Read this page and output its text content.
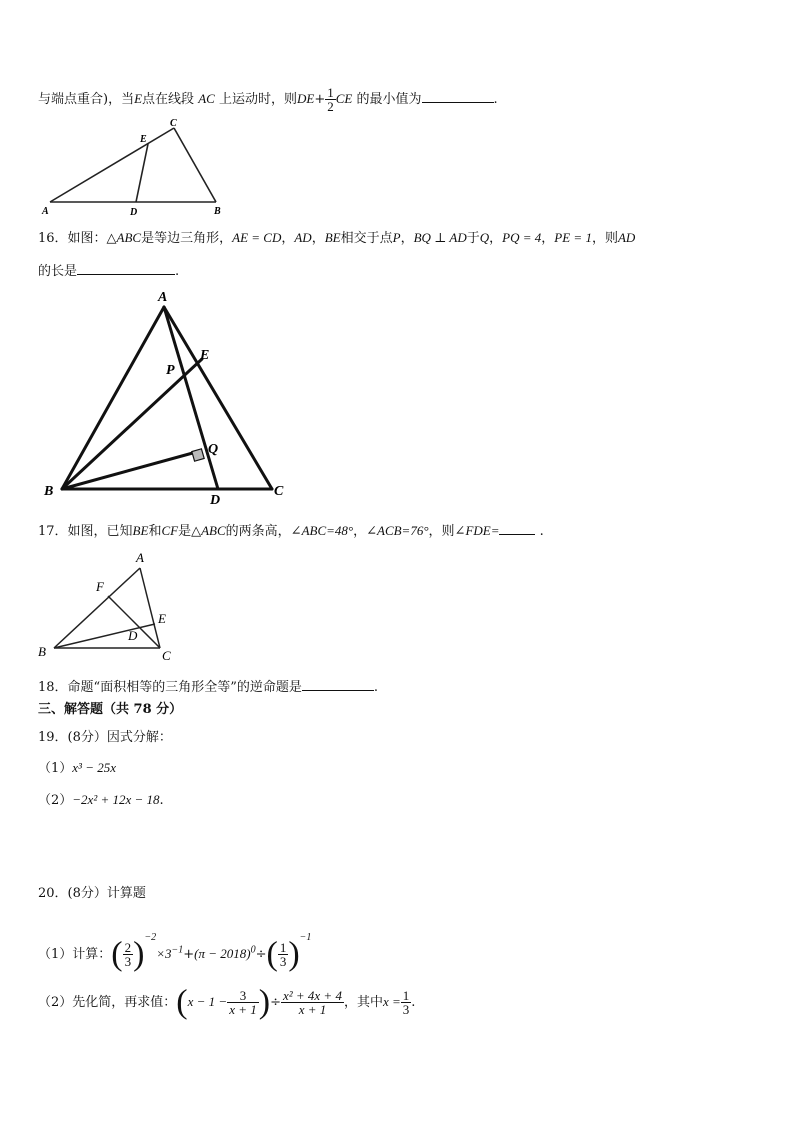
与端点重合)，当E点在线段 AC 上运动时，则$DE+ \frac{1}{2}$ CE 的最小值为	.
A	D	B
E
C
16．如图：△ABC是等边三角形，AE = CD，AD，BE相交于点P，BQ ⊥ AD于Q，PQ = 4，PE = 1，则AD
的长是	.
A
E
P
Q
B
D
C
17．如图，已知BE和CF是△ABC的两条高，∠ABC=48°，∠ACB=76°，则∠FDE=	.
A
F
E
D
B	C
18．命题“面积相等的三角形全等”的逆命题是	.
三、解答题（共 78 分）
19．(8分）因式分解：
（1）x³ − 25x
（2）−2x² + 12x − 18.
20．(8分）计算题
（1）计算：( $\frac{2}{3} )^{-2}\times 3^{-1}+(\pi - 2018)^0\div( \frac{1}{3} )^{-1}$
（2）先化简，再求值：($x - 1 - \frac{3}{x + 1}$ )÷ $\frac{\text{x² + 4x + 4}}{x + 1}$ ，其中$x = \frac{1}{3}$ .
